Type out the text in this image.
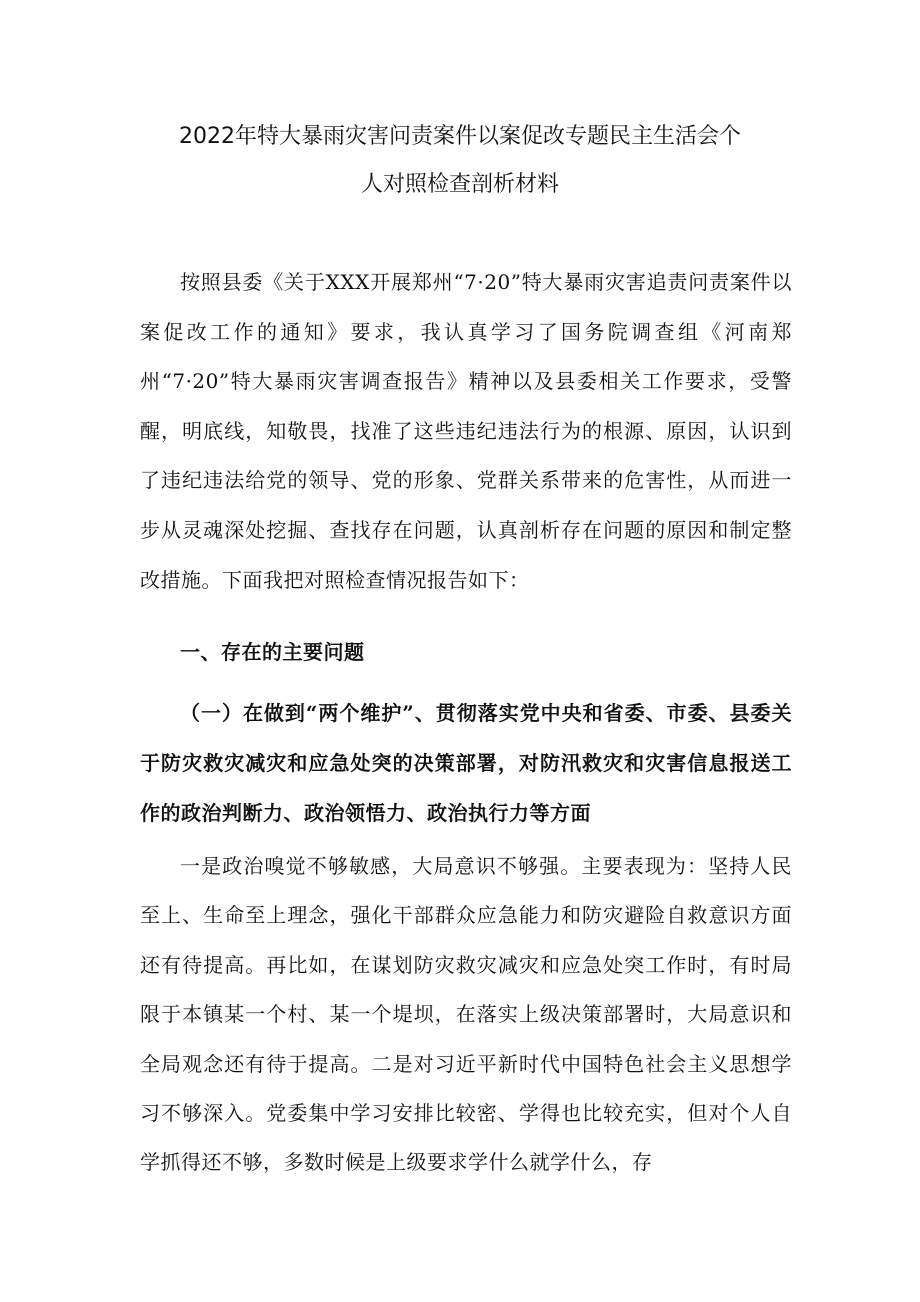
2022年特大暴雨灾害问责案件以案促改专题民主生活会个
人对照检查剖析材料

按照县委《关于XXX开展郑州“7·20”特大暴雨灾害追责问责案件以案促改工作的通知》要求，我认真学习了国务院调查组《河南郑州“7·20”特大暴雨灾害调查报告》精神以及县委相关工作要求，受警醒，明底线，知敬畏，找准了这些违纪违法行为的根源、原因，认识到了违纪违法给党的领导、党的形象、党群关系带来的危害性，从而进一步从灵魂深处挖掘、查找存在问题，认真剖析存在问题的原因和制定整改措施。下面我把对照检查情况报告如下：

一、存在的主要问题
（一）在做到“两个维护”、贯彻落实党中央和省委、市委、县委关于防灾救灾减灾和应急处突的决策部署，对防汛救灾和灾害信息报送工作的政治判断力、政治领悟力、政治执行力等方面

一是政治嗅觉不够敏感，大局意识不够强。主要表现为：坚持人民至上、生命至上理念，强化干部群众应急能力和防灾避险自救意识方面还有待提高。再比如，在谋划防灾救灾减灾和应急处突工作时，有时局限于本镇某一个村、某一个堤坝，在落实上级决策部署时，大局意识和全局观念还有待于提高。二是对习近平新时代中国特色社会主义思想学习不够深入。党委集中学习安排比较密、学得也比较充实，但对个人自学抓得还不够，多数时候是上级要求学什么就学什么，存
